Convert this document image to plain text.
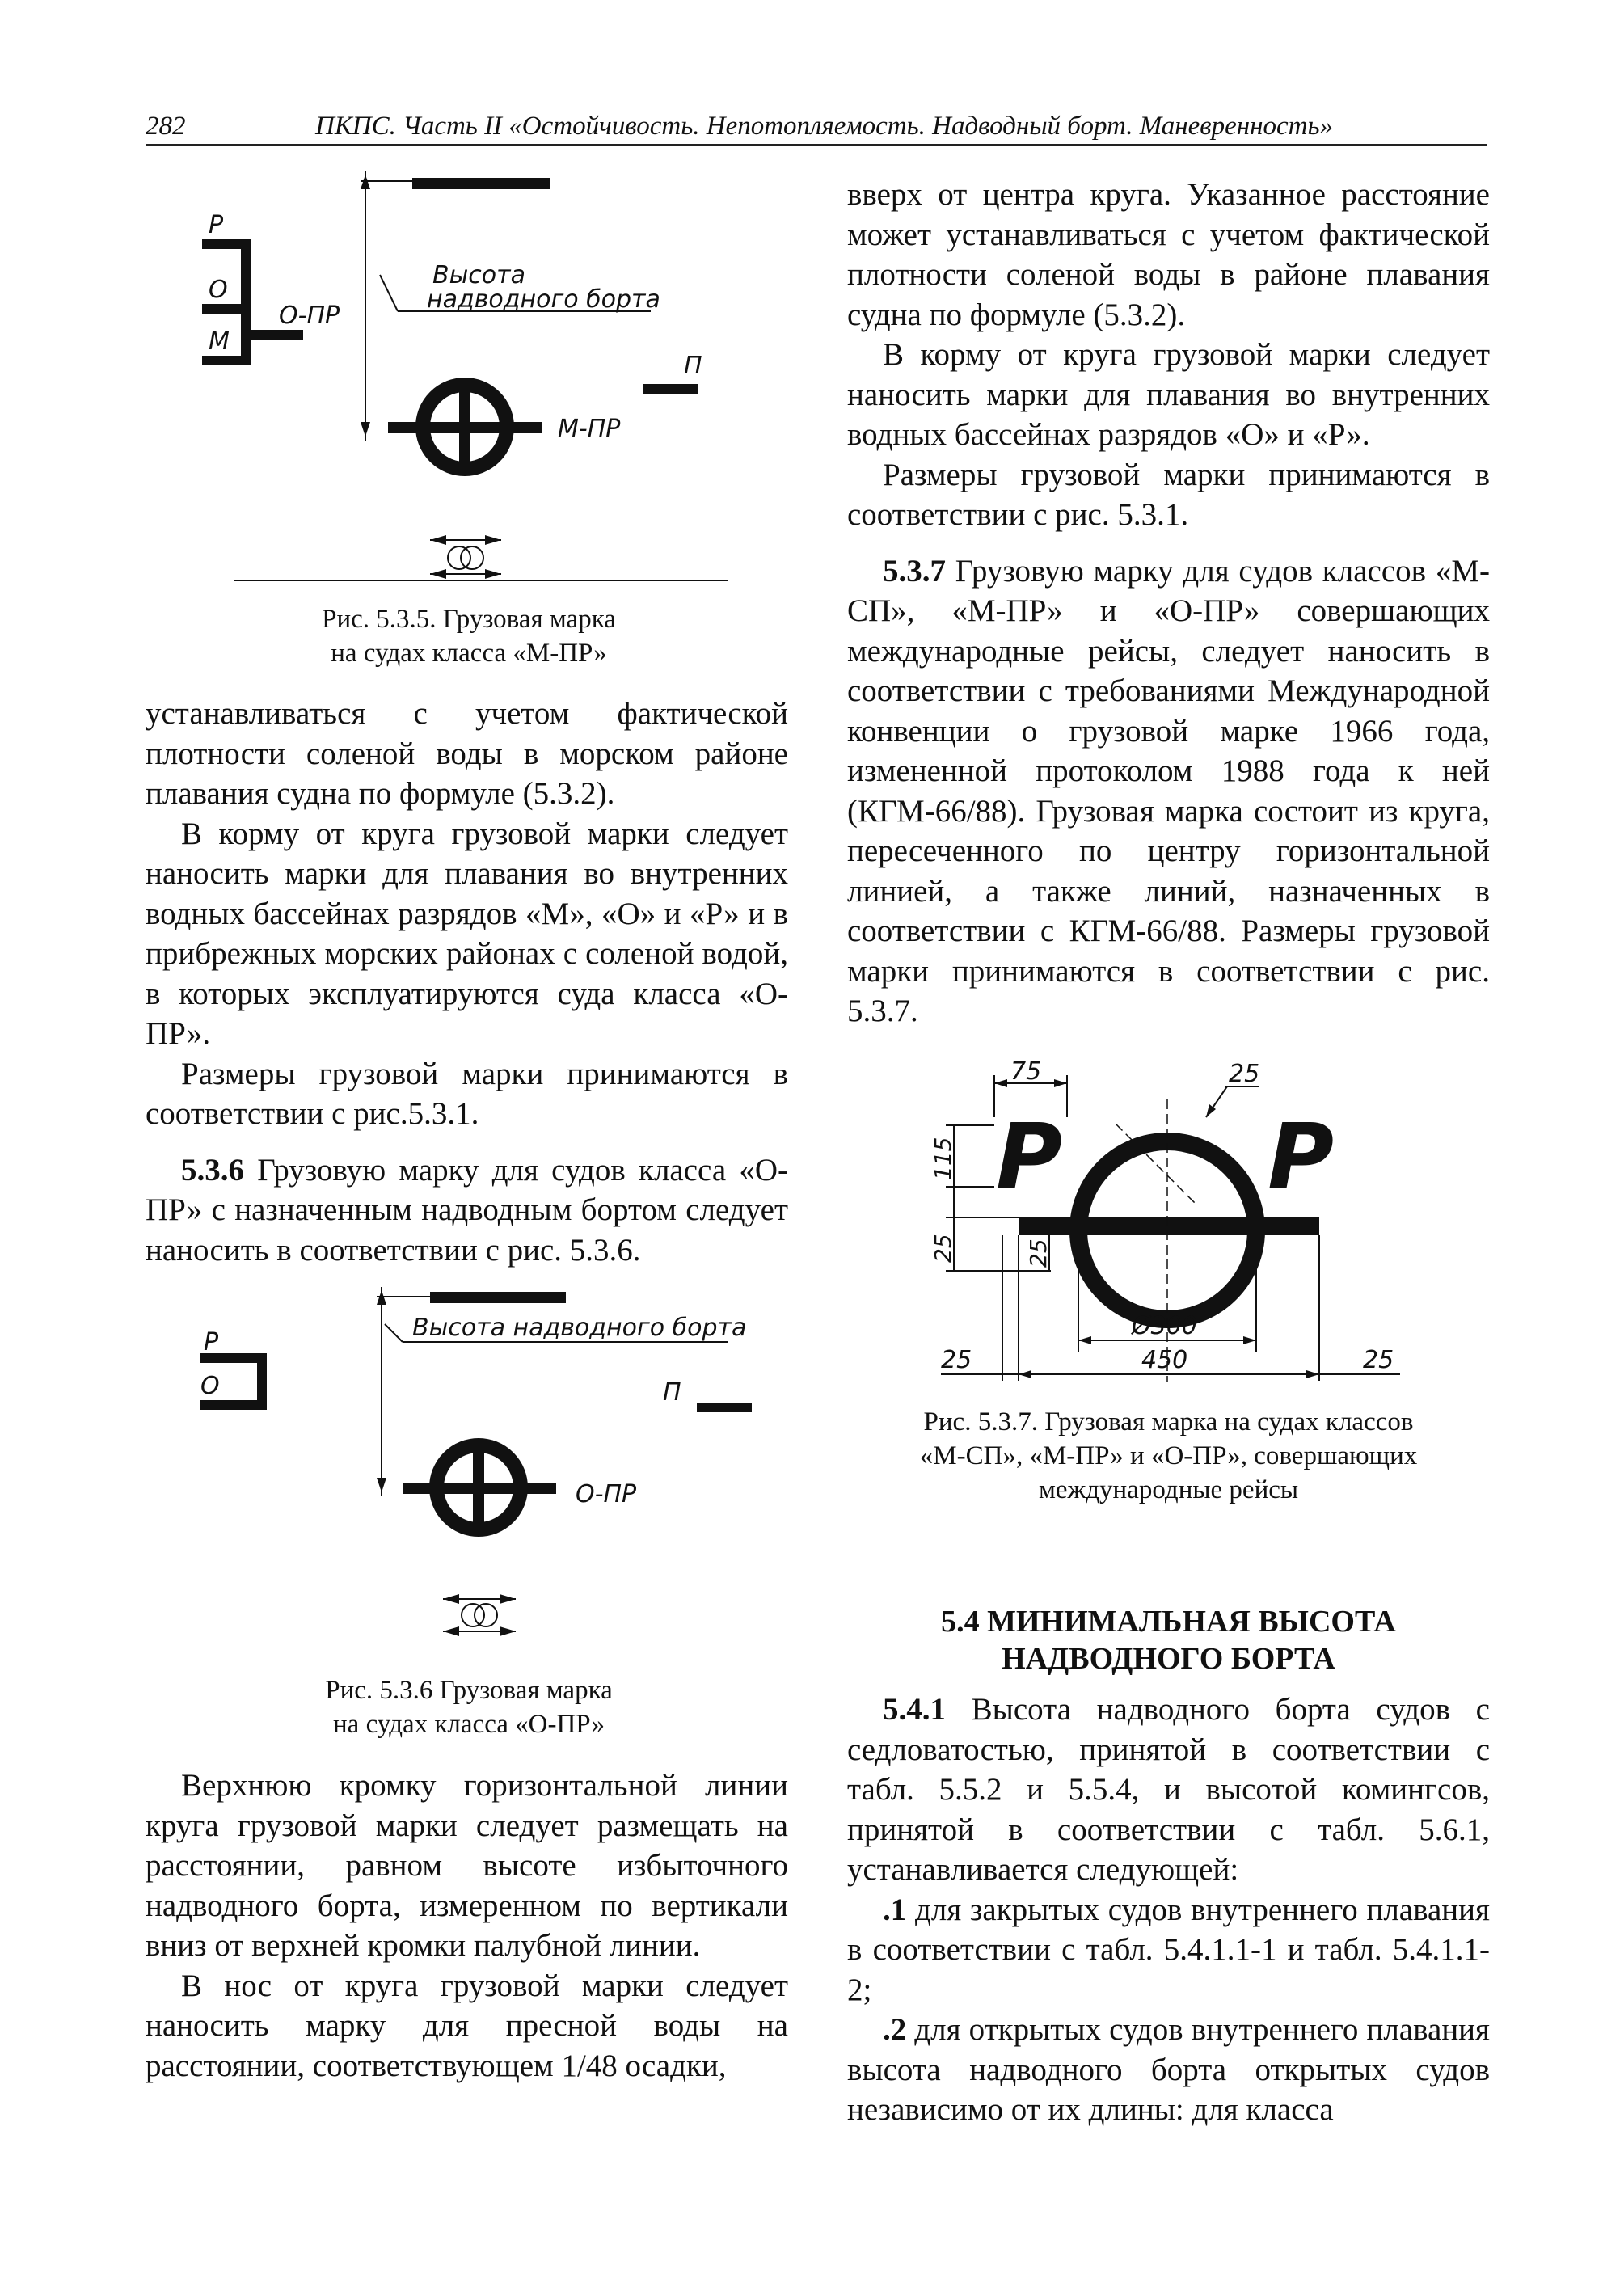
282	ПКПС. Часть II «Остойчивость. Непотопляемость. Надводный борт. Маневренность»
Р
О
М
О-ПР
Высота
надводного борта
П
М-ПР
Рис. 5.3.5. Грузовая марка
на судах класса «М-ПР»

устанавливаться с учетом фактической плотности соленой воды в морском районе плавания судна по формуле (5.3.2).

В корму от круга грузовой марки следует наносить марки для плавания во внутренних водных бассейнах разрядов «М», «О» и «Р» и в прибрежных морских районах с соленой водой, в которых эксплуатируются суда класса «О-ПР».

Размеры грузовой марки принимаются в соответствии с рис.5.3.1.

5.3.6 Грузовую марку для судов класса «О-ПР» с назначенным надводным бортом следует наносить в соответствии с рис. 5.3.6.

Р
О
Высота надводного борта
П
О-ПР
Рис. 5.3.6 Грузовая марка
на судах класса «О-ПР»

Верхнюю кромку горизонтальной линии круга грузовой марки следует размещать на расстоянии, равном высоте избыточного надводного борта, измеренном по вертикали вниз от верхней кромки палубной линии.

В нос от круга грузовой марки следует наносить марку для пресной воды на расстоянии, соответствующем 1/48 осадки,

вверх от центра круга. Указанное расстояние может устанавливаться с учетом фактической плотности соленой воды в районе плавания судна по формуле (5.3.2).

В корму от круга грузовой марки следует наносить марки для плавания во внутренних водных бассейнах разрядов «О» и «Р».

Размеры грузовой марки принимаются в соответствии с рис. 5.3.1.

5.3.7 Грузовую марку для судов классов «М-СП», «М-ПР» и «О-ПР» совершающих международные рейсы, следует наносить в соответствии с требованиями Международной конвенции о грузовой марке 1966 года, измененной протоколом 1988 года к ней (КГМ-66/88). Грузовая марка состоит из круга, пересеченного по центру горизонтальной линией, а также линий, назначенных в соответствии с КГМ-66/88. Размеры грузовой марки принимаются в соответствии с рис. 5.3.7.

75	25
Р Р
115
25	25
Ø300
450
25	25
Рис. 5.3.7. Грузовая марка на судах классов
«М-СП», «М-ПР» и «О-ПР», совершающих
международные рейсы
5.4 МИНИМАЛЬНАЯ ВЫСОТА
НАДВОДНОГО БОРТА

5.4.1 Высота надводного борта судов с седловатостью, принятой в соответствии с табл. 5.5.2 и 5.5.4, и высотой комингсов, принятой в соответствии с табл. 5.6.1, устанавливается следующей:

.1 для закрытых судов внутреннего плавания в соответствии с табл. 5.4.1.1-1 и табл. 5.4.1.1-2;

.2 для открытых судов внутреннего плавания высота надводного борта открытых судов независимо от их длины: для класса
